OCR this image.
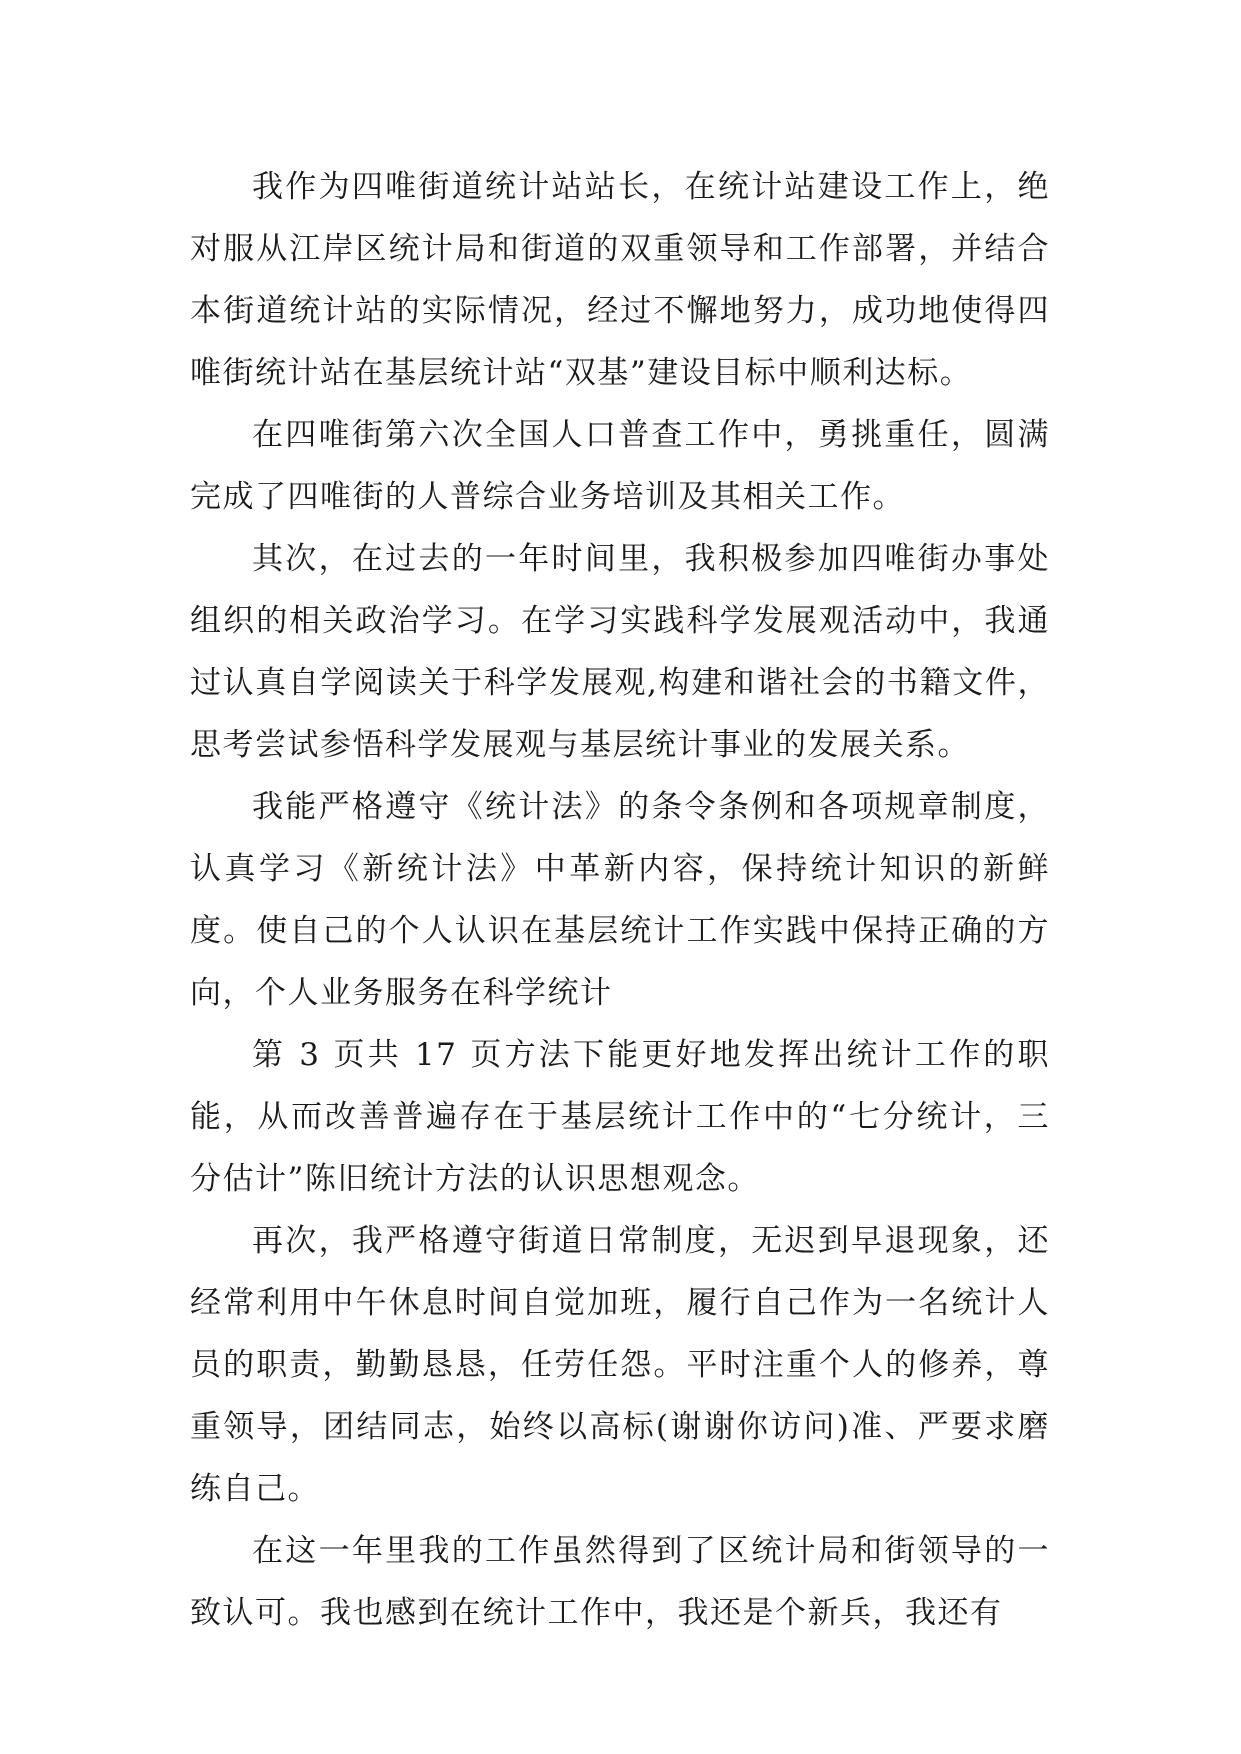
我作为四唯街道统计站站长，在统计站建设工作上，绝对服从江岸区统计局和街道的双重领导和工作部署，并结合本街道统计站的实际情况，经过不懈地努力，成功地使得四唯街统计站在基层统计站“双基”建设目标中顺利达标。

在四唯街第六次全国人口普查工作中，勇挑重任，圆满完成了四唯街的人普综合业务培训及其相关工作。

其次，在过去的一年时间里，我积极参加四唯街办事处组织的相关政治学习。在学习实践科学发展观活动中，我通过认真自学阅读关于科学发展观,构建和谐社会的书籍文件，思考尝试参悟科学发展观与基层统计事业的发展关系。

我能严格遵守《统计法》的条令条例和各项规章制度，认真学习《新统计法》中革新内容，保持统计知识的新鲜度。使自己的个人认识在基层统计工作实践中保持正确的方向，个人业务服务在科学统计

第 3 页共 17 页方法下能更好地发挥出统计工作的职能，从而改善普遍存在于基层统计工作中的“七分统计，三分估计”陈旧统计方法的认识思想观念。

再次，我严格遵守街道日常制度，无迟到早退现象，还经常利用中午休息时间自觉加班，履行自己作为一名统计人员的职责，勤勤恳恳，任劳任怨。平时注重个人的修养，尊重领导，团结同志，始终以高标(谢谢你访问)准、严要求磨练自己。

在这一年里我的工作虽然得到了区统计局和街领导的一致认可。我也感到在统计工作中，我还是个新兵，我还有
